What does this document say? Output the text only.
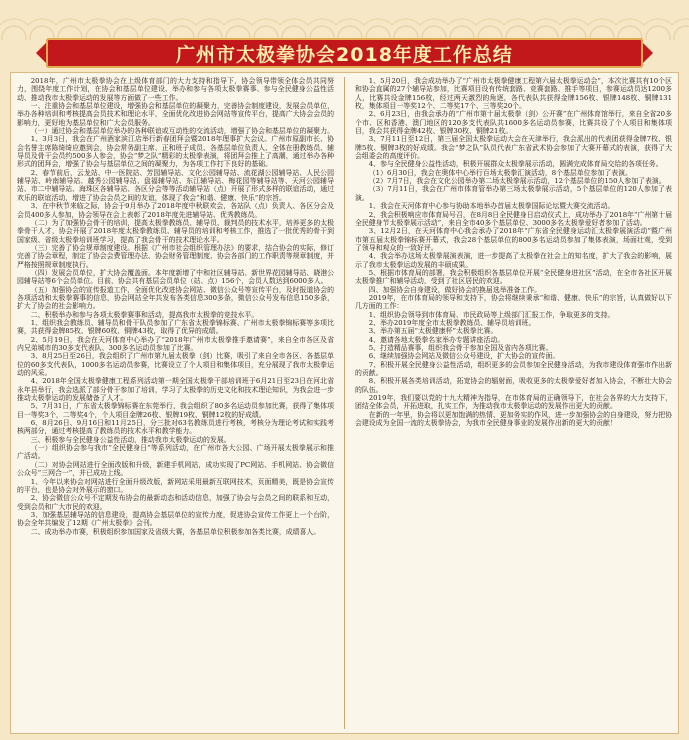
广州市太极拳协会2018年度工作总结

2018年，广州市太极拳协会在上级体育部门的大力支持和指导下，协会领导带领全体会员共同努力，围绕年度工作计划，在协会和基层单位建设、举办和参与各项太极拳赛事、参与全民健身公益性活动、推动我市太极拳运动的发展等方面做了一些工作。

一、注重协会和基层单位建设，增强协会和基层单位的凝聚力，完善协会制度建设，发展会员单位，举办各种培训和考核提高会员技术和理论水平，全面优化改进协会网站等宣传平台，提高广大协会会员的影响力，更好地为基层单位和广大会员服务。

（一）通过协会和基层单位举办的各种联谊或互动性的交流活动，增强了协会和基层单位的凝聚力。

1、3月3日，我会在广州酒家滨江店举行新春团拜会暨2018年理事扩大会议。广州市原副市长、协会名誉主席陈绮绮应邀到会，协会常务副主席、正和班子成员、各基层单位负责人、全体在册教练员、辅导员及骨干会员约500多人参会，协会“梦之队”精彩的太极拳表演，将团拜会推上了高潮，通过举办各种形式的团拜会，增强了协会与基层单位之间的凝聚力，为各项工作打下良好的基础。

2、春节前后，云龙站、中一医院站、芳园辅导站、文化公园辅导站、流花湖公园辅导站、人民公园辅导站、岭南辅导站、越秀公园辅导站、盘福辅导站、东江辅导站、梅花园等辅导站等、天河公园辅导站、市二中辅导站、海珠区各辅导站、各区分会等等活动辅导站（点）开展了形式多样的联谊活动，通过欢乐的联谊活动，增进了协会会员之间的友谊，体现了我会“和谐、健康、快乐”的宗旨。

3、在中秋节来临之际，协会于9月举办了2018年度中秋联欢会，各站队（点）负责人、各区分会及会员400多人参加，协会领导在会上表彰了2018年度先进辅导站、优秀教练员。

（二）为了加强协会骨干的培训，提高太极拳教练员、辅导员、裁判员的技术水平，培养更多的太极拳骨干人才，协会开展了2018年度太极拳教练员、辅导员的培训和考核工作，推选了一批优秀的骨干到国家级、省级太极拳培训班学习，提高了我会骨干的技术理论水平。

（三）完善了协会规章制度建设。根据《广州市社会组织管理办法》的要求，结合协会的实际，修订完善了协会章程，制定了协会会费管理办法、协会财务管理制度、协会各部门的工作职责等规章制度，并严格按照规章制度执行。

（四）发展会员单位，扩大协会覆盖面。本年度新增了中和社区辅导站、新世界花园辅导站、晓港公园辅导站等6个会员单位。目前，协会共有基层会员单位（站、点）156个，会员人数达到6000多人。

（五）加强协会的宣传报道工作，全面优化改进协会网站、微信公众号等宣传平台，及时报道协会的各项活动和太极拳赛事的信息，协会网站全年共发布各类信息300多条，微信公众号发布信息150多条，扩大了协会的社会影响力。

二、积极举办和参与各项太极拳赛事和活动，提高我市太极拳的竞技水平。

1、组织我会教练员、辅导员和骨干队员参加了广东省太极拳锦标赛、广州市太极拳锦标赛等多项比赛，共获得金牌85枚、银牌60枚、铜牌43枚，取得了优异的成绩。

2、5月19日，我会在天河体育中心举办了“2018年广州市太极拳推手邀请赛”，来自全市各区及省内兄弟城市的30多支代表队、300多名运动员参加了比赛。

3、8月25日至26日，我会组织了广州市第九届太极拳（剑）比赛，吸引了来自全市各区、各基层单位的60多支代表队，1000多名运动员参赛，比赛设立了个人项目和集体项目，充分展现了我市太极拳运动的风采。

4、2018年全国太极拳健康工程系列活动第一期全国太极拳干部培训班于6月21日至23日在河北省永年县举行，我会选派了部分骨干参加了培训，学习了太极拳的历史文化和技术理论知识，为我会进一步推动太极拳运动的发展储备了人才。

5、7月31日，广东省太极拳锦标赛在东莞举行，我会组织了80多名运动员参加比赛，获得了集体项目一等奖3个，二等奖4个，个人项目金牌26枚、银牌19枚、铜牌12枚的好成绩。

6、8月26日、9月16日和11月25日，分三批对63名教练员进行考核，考核分为理论考试和实践考核两部分，通过考核提高了教练员的技术水平和教学能力。

三、积极参与全民健身公益性活动，推动我市太极拳运动的发展。

（一）组织协会参与我市“全民健身日”等系列活动，在广州市各大公园、广场开展太极拳展示和推广活动。

（二）对协会网站进行全面改版和升级，新建手机网站，成功实现了PC网站、手机网站、协会微信公众号“三网合一”，并已成功上线。

1、今年以来协会对网站进行全面升级改版，新网站采用最新互联网技术，页面精美，既是协会宣传的平台，也是协会对外展示的窗口。

2、协会微信公众号不定期发布协会的最新动态和活动信息，加强了协会与会员之间的联系和互动，受到会员和广大市民的欢迎。

3、加强基层辅导站的信息建设，提高协会基层单位的宣传力度，促进协会宣传工作更上一个台阶，协会全年共编发了12期《广州太极拳》会刊。

二、成功举办市赛，积极组织参加国家及省级大赛，各基层单位积极参加各类比赛，成绩喜人。

1、5月20日，我会成功举办了“广州市太极拳健康工程第六届太极拳运动会”，本次比赛共有10个区和协会直属的27个辅导站参加，比赛项目设有传统套路、竞赛套路、推手等项目，参赛运动员达1200多人，比赛共设金牌156枚，经过两天激烈的角逐，各代表队共获得金牌156枚、银牌148枚、铜牌131枚，集体项目一等奖12个、二等奖17个、三等奖20个。

2、6月23日，由我会承办的“广州市第十届太极拳（剑）公开赛”在广州体育馆举行，来自全省20多个市、区和香港、澳门地区的120多支代表队共1600多名运动员参赛，比赛共设了个人项目和集体项目，我会共获得金牌42枚、银牌30枚、铜牌21枚。

3、7月11日至12日，第三届全国太极拳运动大会在天津举行，我会派出的代表团获得金牌7枚、银牌5枚、铜牌3枚的好成绩。我会“梦之队”队员代表广东省武术协会参加了大赛开幕式的表演，获得了大会组委会的高度评价。

4、参与全民健身公益性活动，积极开展群众太极拳展示活动，圆满完成体育局交给的各项任务。

（1）6月30日，我会在奥体中心举行百场太极拳汇演活动，8个基层单位参加了表演。

（2）7月7日，我会在文化公园举办第二场太极拳展示活动，12个基层单位的150人参加了表演。

（3）7月11日，我会在广州市体育管举办第三场太极拳展示活动，5个基层单位的120人参加了表演。

1、我会在天河体育中心参与协助本地举办首届太极拳国际论坛暨大赛交流活动。

2、我会积极响应市体育局号召，在8月8日全民健身日启动仪式上，成功举办了2018年“广州第十届全民健身节太极拳展示活动”，来自全市40多个基层单位、3000多名太极拳爱好者参加了活动。

3、12月2日，在天河体育中心我会承办了2018年“广东省全民健身运动汇太极拳展演活动”暨广州市第五届太极拳锦标赛开幕式，我会28个基层单位的800多名运动员参加了集体表演，场面壮观，受到了领导和观众的一致好评。

4、我会举办这场太极拳展演表演，进一步提高了太极拳在社会上的知名度，扩大了我会的影响，展示了我市太极拳运动发展的丰硕成果。

5、根据市体育局的部署，我会积极组织各基层单位开展“全民健身进社区”活动，在全市各社区开展太极拳推广和辅导活动，受到了社区居民的欢迎。

四、加强协会自身建设，做好协会的换届选举准备工作。

2019年，在市体育局的领导和支持下，协会将继续秉承“和谐、健康、快乐”的宗旨，认真做好以下几方面的工作：

1、组织协会领导到市体育局、市民政局等上级部门汇报工作，争取更多的支持。

2、举办2019年度全市太极拳教练员、辅导员培训班。

3、举办第五届“太极健康杯”太极拳比赛。

4、邀请各地太极拳名家举办专题讲座活动。

5、打造精品赛事，组织我会骨干参加全国及省内各项比赛。

6、继续加强协会网站及微信公众号建设，扩大协会的宣传面。

7、积极开展全民健身公益性活动，组织更多的会员参加全民健身活动，为我市建设体育强市作出新的贡献。

8、积极开展各类培训活动，拓宽协会的辐射面，吸收更多的太极拳爱好者加入协会，不断壮大协会的队伍。

2019年，我们要以党的十九大精神为指导，在市体育局的正确领导下，在社会各界的大力支持下，团结全体会员，开拓进取，扎实工作，为推动我市太极拳运动的发展作出更大的贡献。

在新的一年里，协会将以更加饱满的热情、更加务实的作风，进一步加强协会的自身建设，努力把协会建设成为全国一流的太极拳协会，为我市全民健身事业的发展作出新的更大的贡献！
